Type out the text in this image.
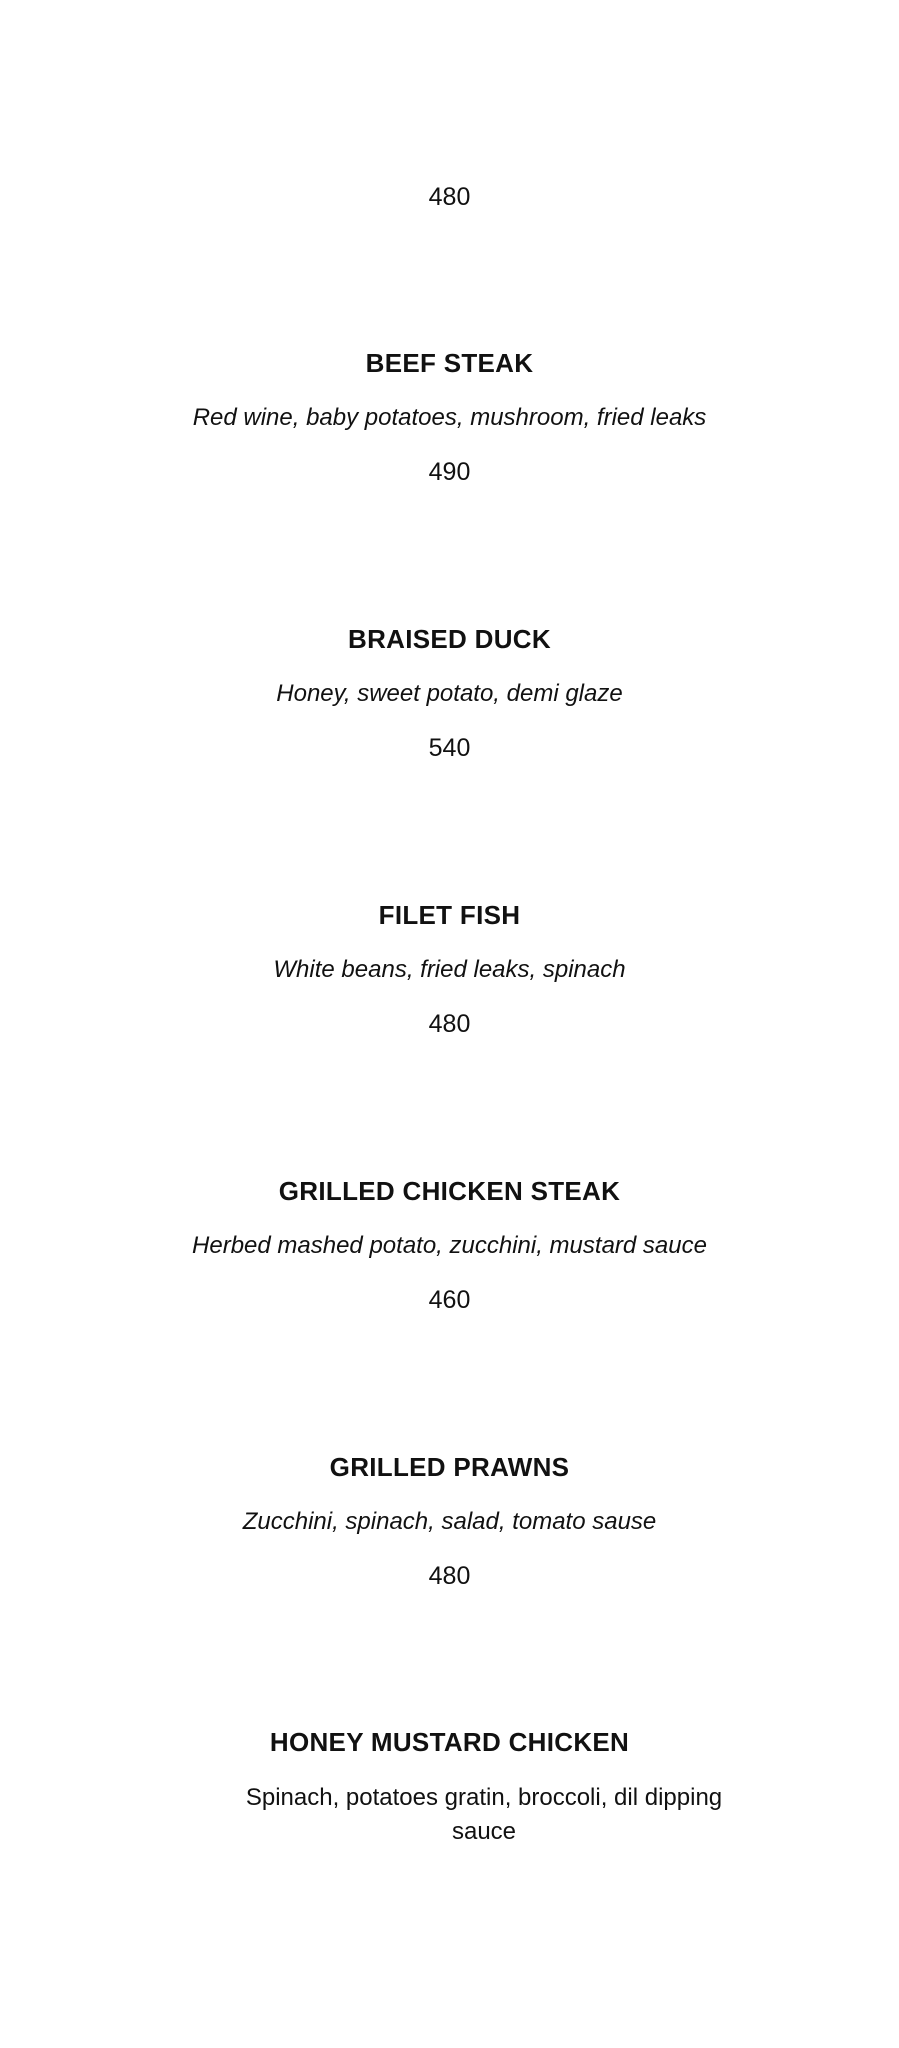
480

BEEF STEAK

Red wine, baby potatoes, mushroom, fried leaks

490

BRAISED DUCK

Honey, sweet potato, demi glaze

540

FILET FISH

White beans, fried leaks, spinach

480

GRILLED CHICKEN STEAK

Herbed mashed potato, zucchini, mustard sauce

460

GRILLED PRAWNS

Zucchini, spinach, salad, tomato sause

480

HONEY MUSTARD CHICKEN

Spinach, potatoes gratin, broccoli, dil dipping sauce
